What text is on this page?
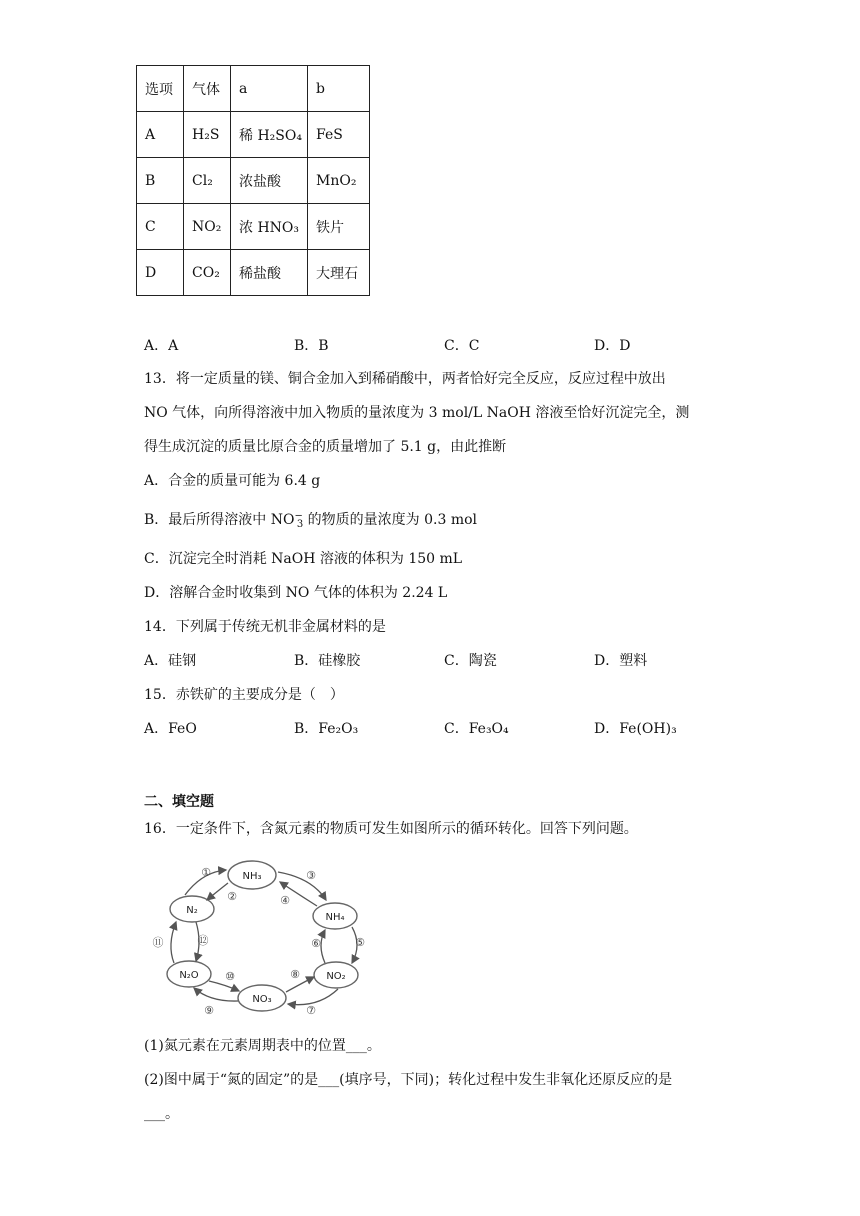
选项	气体	a	b
A	H₂S	稀 H₂SO₄	FeS
B	Cl₂	浓盐酸	MnO₂
C	NO₂	浓 HNO₃	铁片
D	CO₂	稀盐酸	大理石
A．A	B．B	C．C	D．D
13．将一定质量的镁、铜合金加入到稀硝酸中，两者恰好完全反应，反应过程中放出
NO 气体，向所得溶液中加入物质的量浓度为 3 mol/L NaOH 溶液至恰好沉淀完全，测
得生成沉淀的质量比原合金的质量增加了 5.1 g，由此推断
A．合金的质量可能为 6.4 g
B．最后所得溶液中 $NO^-_3$ 的物质的量浓度为 0.3 mol
C．沉淀完全时消耗 NaOH 溶液的体积为 150 mL
D．溶解合金时收集到 NO 气体的体积为 2.24 L
14．下列属于传统无机非金属材料的是
A．硅钢	B．硅橡胶	C．陶瓷	D．塑料
15．赤铁矿的主要成分是（　）
A．FeO	B．Fe₂O₃	C．Fe₃O₄	D．Fe(OH)₃
二、填空题
16．一定条件下，含氮元素的物质可发生如图所示的循环转化。回答下列问题。
NH₃
NH₄
NO₂
NO₃
N₂O
N₂
①
②
③
④
⑤
⑥
⑦
⑧
⑨
⑩
⑪	⑫
(1)氮元素在元素周期表中的位置___。
(2)图中属于“氮的固定”的是___(填序号，下同)；转化过程中发生非氧化还原反应的是
___。
